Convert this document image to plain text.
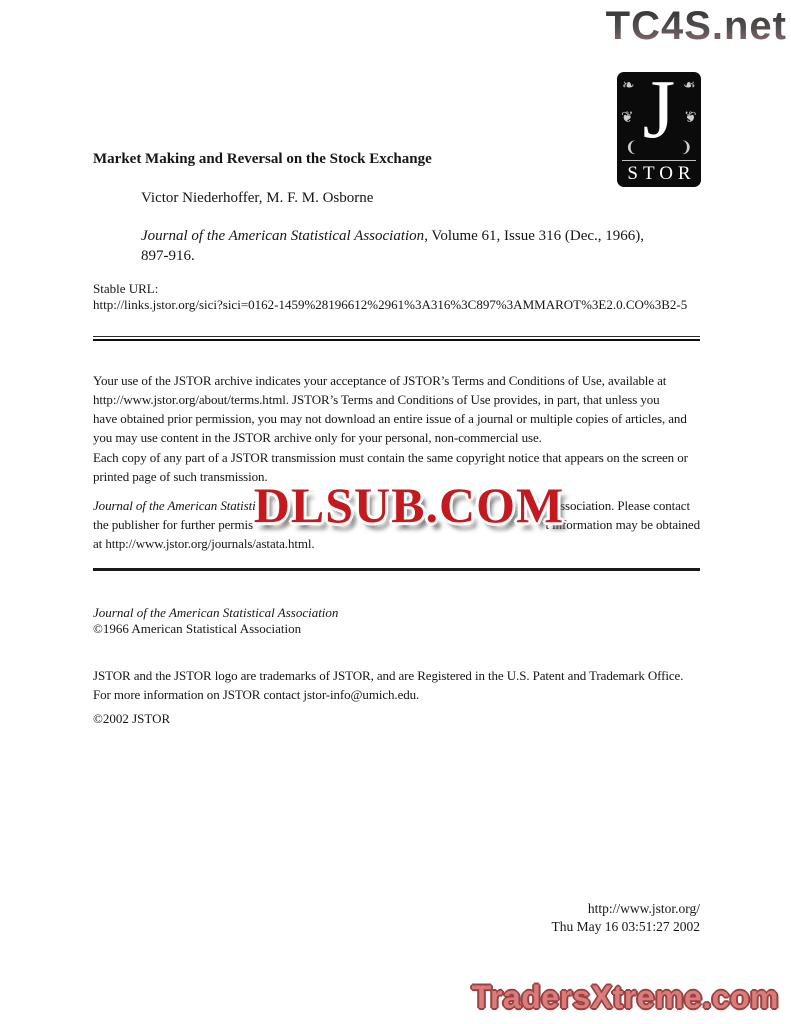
TC4S.net
❧	❧
❦	❦
❨	❨
J
STOR
Market Making and Reversal on the Stock Exchange
Victor Niederhoffer, M. F. M. Osborne
Journal of the American Statistical Association, Volume 61, Issue 316 (Dec., 1966),
897-916.
Stable URL:
http://links.jstor.org/sici?sici=0162-1459%28196612%2961%3A316%3C897%3AMMAROT%3E2.0.CO%3B2-5
Your use of the JSTOR archive indicates your acceptance of JSTOR’s Terms and Conditions of Use, available at
http://www.jstor.org/about/terms.html. JSTOR’s Terms and Conditions of Use provides, in part, that unless you
have obtained prior permission, you may not download an entire issue of a journal or multiple copies of articles, and
you may use content in the JSTOR archive only for your personal, non-commercial use.
Each copy of any part of a JSTOR transmission must contain the same copyright notice that appears on the screen or
printed page of such transmission.
Journal of the American Statisti	Association. Please contact
the publisher for further permis	t information may be obtained
at http://www.jstor.org/journals/astata.html.
DLSUB.COM
Journal of the American Statistical Association
©1966 American Statistical Association
JSTOR and the JSTOR logo are trademarks of JSTOR, and are Registered in the U.S. Patent and Trademark Office.
For more information on JSTOR contact jstor-info@umich.edu.
©2002 JSTOR
http://www.jstor.org/
Thu May 16 03:51:27 2002
TradersXtreme.com
